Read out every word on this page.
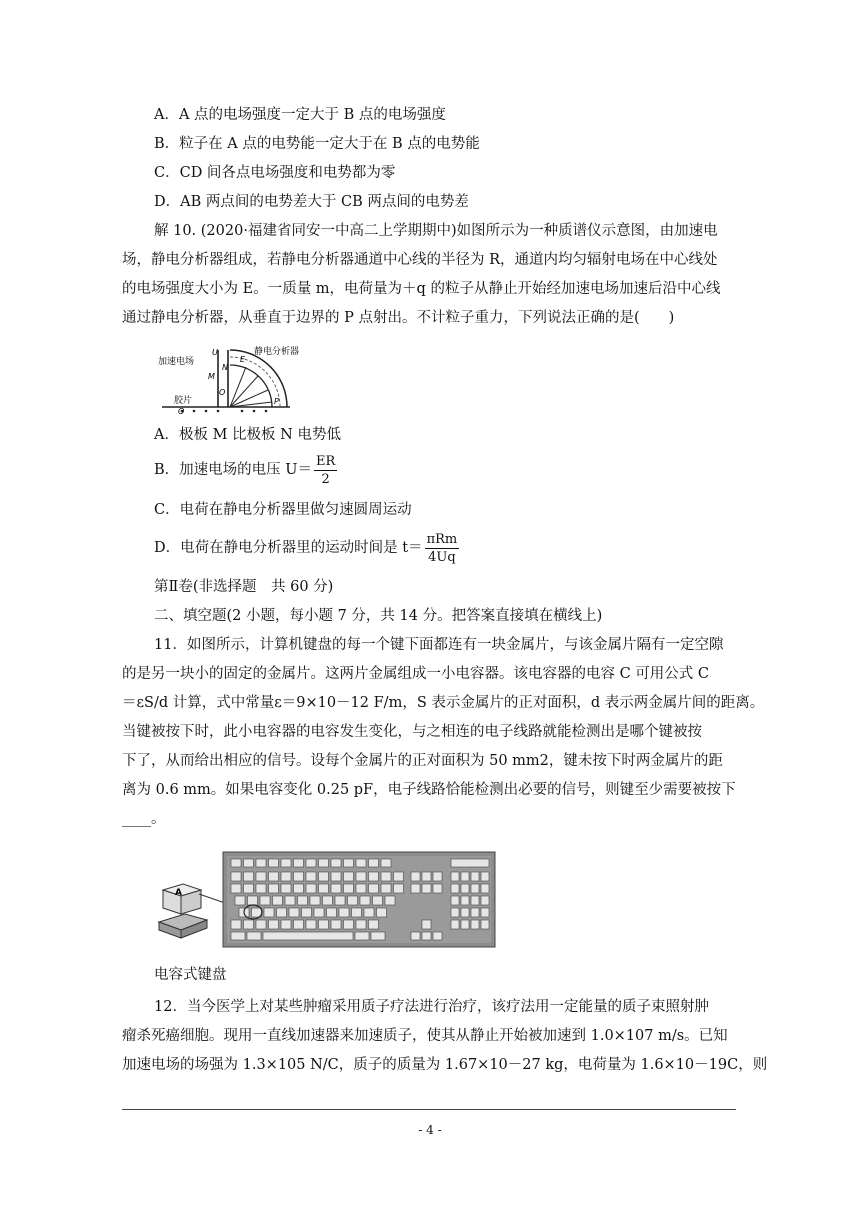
A．A 点的电场强度一定大于 B 点的电场强度
B．粒子在 A 点的电势能一定大于在 B 点的电势能
C．CD 间各点电场强度和电势都为零
D．AB 两点间的电势差大于 CB 两点间的电势差
解 10. (2020·福建省同安一中高二上学期期中)如图所示为一种质谱仪示意图，由加速电
场，静电分析器组成，若静电分析器通道中心线的半径为 R，通道内均匀辐射电场在中心线处
的电场强度大小为 E。一质量 m，电荷量为＋q 的粒子从静止开始经加速电场加速后沿中心线
通过静电分析器，从垂直于边界的 P 点射出。不计粒子重力，下列说法正确的是(　　)
加速电场
静电分析器
胶片
U
M
N
E
O
Q
P
A．极板 M 比极板 N 电势低
B．加速电场的电压 $U= \frac{ER}{2}$
C．电荷在静电分析器里做匀速圆周运动
D．电荷在静电分析器里的运动时间是 $t= \frac{\text{πRm}}{4Uq}$
第Ⅱ卷(非选择题　共 60 分)
二、填空题(2 小题，每小题 7 分，共 14 分。把答案直接填在横线上)
11．如图所示，计算机键盘的每一个键下面都连有一块金属片，与该金属片隔有一定空隙
的是另一块小的固定的金属片。这两片金属组成一小电容器。该电容器的电容 C 可用公式 C
＝εS/d 计算，式中常量ε＝9×10－12 F/m，S 表示金属片的正对面积，d 表示两金属片间的距离。
当键被按下时，此小电容器的电容发生变化，与之相连的电子线路就能检测出是哪个键被按
下了，从而给出相应的信号。设每个金属片的正对面积为 50 mm2，键未按下时两金属片的距
离为 0.6 mm。如果电容变化 0.25 pF，电子线路恰能检测出必要的信号，则键至少需要被按下
____。
A
电容式键盘
12．当今医学上对某些肿瘤采用质子疗法进行治疗，该疗法用一定能量的质子束照射肿
瘤杀死癌细胞。现用一直线加速器来加速质子，使其从静止开始被加速到 1.0×107 m/s。已知
加速电场的场强为 1.3×105 N/C，质子的质量为 1.67×10－27 kg，电荷量为 1.6×10－19C，则
- 4 -
